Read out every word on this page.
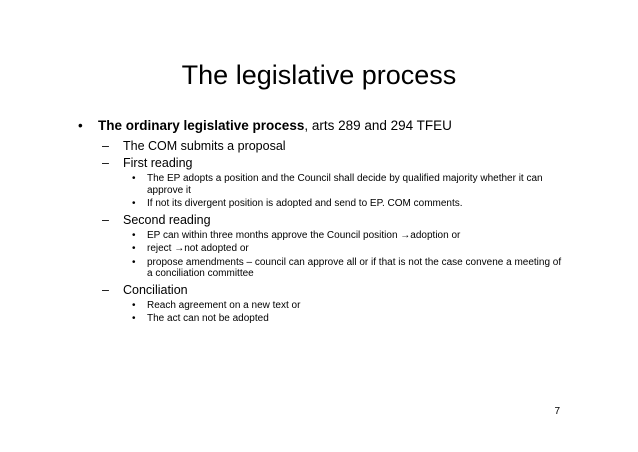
The legislative process
• The ordinary legislative process, arts 289 and 294 TFEU
– The COM submits a proposal
– First reading
• The EP adopts a position and the Council shall decide by qualified majority whether it can approve it
• If not its divergent position is adopted and send to EP. COM comments.
– Second reading
• EP can within three months approve the Council position →adoption or
• reject →not adopted or
• propose amendments – council can approve all or if that is not the case convene a meeting of a conciliation committee
– Conciliation
• Reach agreement on a new text or
• The act can not be adopted
7
